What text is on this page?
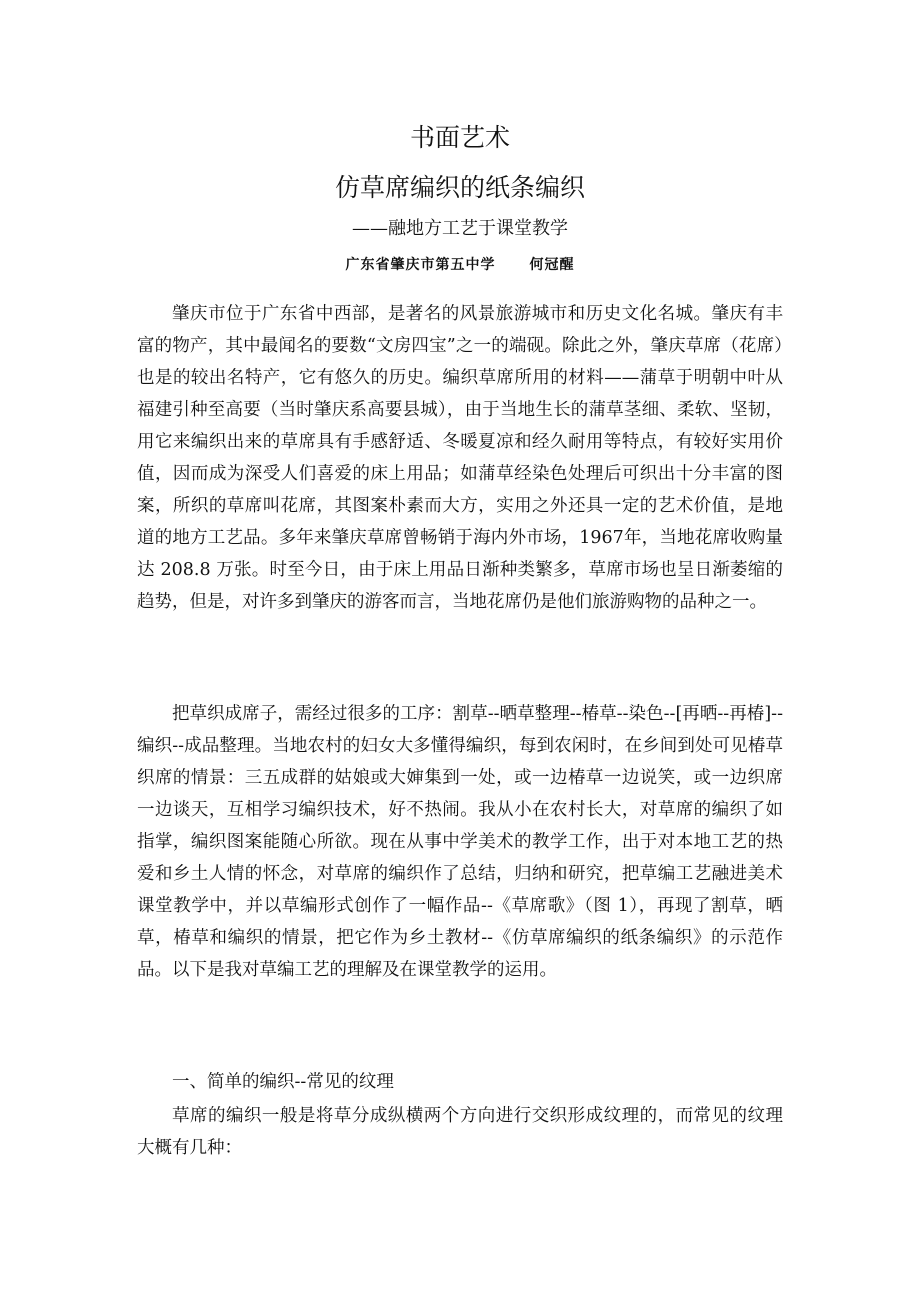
书面艺术
仿草席编织的纸条编织
——融地方工艺于课堂教学
广东省肇庆市第五中学 何冠醒

肇庆市位于广东省中西部，是著名的风景旅游城市和历史文化名城。肇庆有丰富的物产，其中最闻名的要数“文房四宝”之一的端砚。除此之外，肇庆草席（花席）也是的较出名特产，它有悠久的历史。编织草席所用的材料——蒲草于明朝中叶从福建引种至高要（当时肇庆系高要县城），由于当地生长的蒲草茎细、柔软、坚韧，用它来编织出来的草席具有手感舒适、冬暖夏凉和经久耐用等特点，有较好实用价值，因而成为深受人们喜爱的床上用品；如蒲草经染色处理后可织出十分丰富的图案，所织的草席叫花席，其图案朴素而大方，实用之外还具一定的艺术价值，是地道的地方工艺品。多年来肇庆草席曾畅销于海内外市场，1967年，当地花席收购量达 208.8 万张。时至今日，由于床上用品日渐种类繁多，草席市场也呈日渐萎缩的趋势，但是，对许多到肇庆的游客而言，当地花席仍是他们旅游购物的品种之一。

把草织成席子，需经过很多的工序：割草--晒草整理--椿草--染色--[再晒--再椿]--编织--成品整理。当地农村的妇女大多懂得编织，每到农闲时，在乡间到处可见椿草织席的情景：三五成群的姑娘或大婶集到一处，或一边椿草一边说笑，或一边织席一边谈天，互相学习编织技术，好不热闹。我从小在农村长大，对草席的编织了如指掌，编织图案能随心所欲。现在从事中学美术的教学工作，出于对本地工艺的热爱和乡土人情的怀念，对草席的编织作了总结，归纳和研究，把草编工艺融进美术课堂教学中，并以草编形式创作了一幅作品--《草席歌》（图 1），再现了割草，晒草，椿草和编织的情景，把它作为乡土教材--《仿草席编织的纸条编织》的示范作品。以下是我对草编工艺的理解及在课堂教学的运用。

一、简单的编织--常见的纹理

草席的编织一般是将草分成纵横两个方向进行交织形成纹理的，而常见的纹理大概有几种：
